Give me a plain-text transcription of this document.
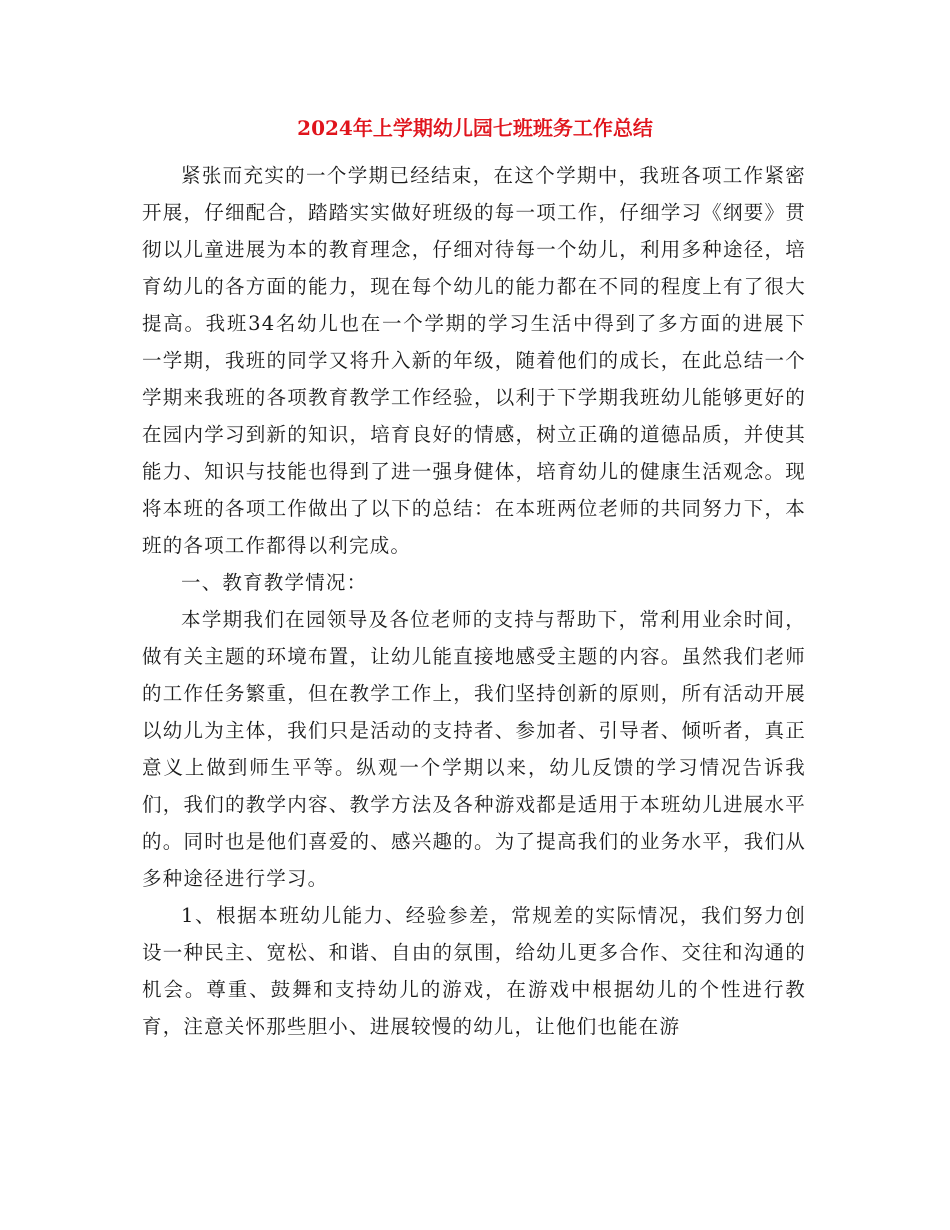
2024年上学期幼儿园七班班务工作总结

紧张而充实的一个学期已经结束，在这个学期中，我班各项工作紧密开展，仔细配合，踏踏实实做好班级的每一项工作，仔细学习《纲要》贯彻以儿童进展为本的教育理念，仔细对待每一个幼儿，利用多种途径，培育幼儿的各方面的能力，现在每个幼儿的能力都在不同的程度上有了很大提高。我班34名幼儿也在一个学期的学习生活中得到了多方面的进展下一学期，我班的同学又将升入新的年级，随着他们的成长，在此总结一个学期来我班的各项教育教学工作经验，以利于下学期我班幼儿能够更好的在园内学习到新的知识，培育良好的情感，树立正确的道德品质，并使其能力、知识与技能也得到了进一强身健体，培育幼儿的健康生活观念。现将本班的各项工作做出了以下的总结：在本班两位老师的共同努力下，本班的各项工作都得以利完成。

一、教育教学情况：

本学期我们在园领导及各位老师的支持与帮助下，常利用业余时间，做有关主题的环境布置，让幼儿能直接地感受主题的内容。虽然我们老师的工作任务繁重，但在教学工作上，我们坚持创新的原则，所有活动开展以幼儿为主体，我们只是活动的支持者、参加者、引导者、倾听者，真正意义上做到师生平等。纵观一个学期以来，幼儿反馈的学习情况告诉我们，我们的教学内容、教学方法及各种游戏都是适用于本班幼儿进展水平的。同时也是他们喜爱的、感兴趣的。为了提高我们的业务水平，我们从多种途径进行学习。

1、根据本班幼儿能力、经验参差，常规差的实际情况，我们努力创设一种民主、宽松、和谐、自由的氛围，给幼儿更多合作、交往和沟通的机会。尊重、鼓舞和支持幼儿的游戏，在游戏中根据幼儿的个性进行教育，注意关怀那些胆小、进展较慢的幼儿，让他们也能在游
